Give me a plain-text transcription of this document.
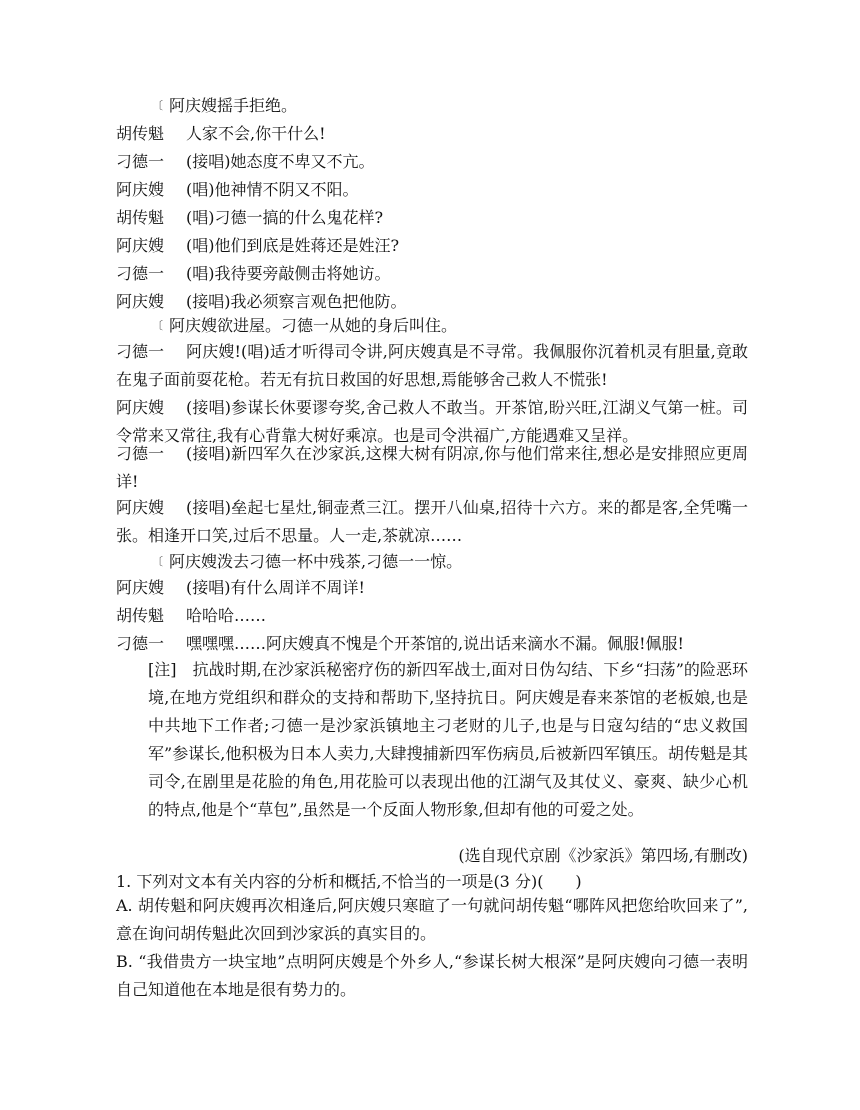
〔 阿庆嫂摇手拒绝。
胡传魁 人家不会,你干什么!
刁德一 (接唱)她态度不卑又不亢。
阿庆嫂 (唱)他神情不阴又不阳。
胡传魁 (唱)刁德一搞的什么鬼花样?
阿庆嫂 (唱)他们到底是姓蒋还是姓汪?
刁德一 (唱)我待要旁敲侧击将她访。
阿庆嫂 (接唱)我必须察言观色把他防。
〔 阿庆嫂欲进屋。刁德一从她的身后叫住。
刁德一 阿庆嫂!(唱)适才听得司令讲,阿庆嫂真是不寻常。我佩服你沉着机灵有胆量,竟敢在鬼子面前耍花枪。若无有抗日救国的好思想,焉能够舍己救人不慌张!
阿庆嫂 (接唱)参谋长休要谬夸奖,舍己救人不敢当。开茶馆,盼兴旺,江湖义气第一桩。司令常来又常往,我有心背靠大树好乘凉。也是司令洪福广,方能遇难又呈祥。
刁德一 (接唱)新四军久在沙家浜,这棵大树有阴凉,你与他们常来往,想必是安排照应更周详!
阿庆嫂 (接唱)垒起七星灶,铜壶煮三江。摆开八仙桌,招待十六方。来的都是客,全凭嘴一张。相逢开口笑,过后不思量。人一走,茶就凉……
〔 阿庆嫂泼去刁德一杯中残茶,刁德一一惊。
阿庆嫂 (接唱)有什么周详不周详!
胡传魁 哈哈哈……
刁德一 嘿嘿嘿……阿庆嫂真不愧是个开茶馆的,说出话来滴水不漏。佩服!佩服!
[注] 抗战时期,在沙家浜秘密疗伤的新四军战士,面对日伪勾结、下乡“扫荡”的险恶环境,在地方党组织和群众的支持和帮助下,坚持抗日。阿庆嫂是春来茶馆的老板娘,也是中共地下工作者;刁德一是沙家浜镇地主刁老财的儿子,也是与日寇勾结的“忠义救国军”参谋长,他积极为日本人卖力,大肆搜捕新四军伤病员,后被新四军镇压。胡传魁是其司令,在剧里是花脸的角色,用花脸可以表现出他的江湖气及其仗义、豪爽、缺少心机的特点,他是个“草包”,虽然是一个反面人物形象,但却有他的可爱之处。
(选自现代京剧《沙家浜》第四场,有删改)
1. 下列对文本有关内容的分析和概括,不恰当的一项是(3 分)(　　)
A. 胡传魁和阿庆嫂再次相逢后,阿庆嫂只寒暄了一句就问胡传魁“哪阵风把您给吹回来了”,意在询问胡传魁此次回到沙家浜的真实目的。
B. “我借贵方一块宝地”点明阿庆嫂是个外乡人,“参谋长树大根深”是阿庆嫂向刁德一表明自己知道他在本地是很有势力的。
